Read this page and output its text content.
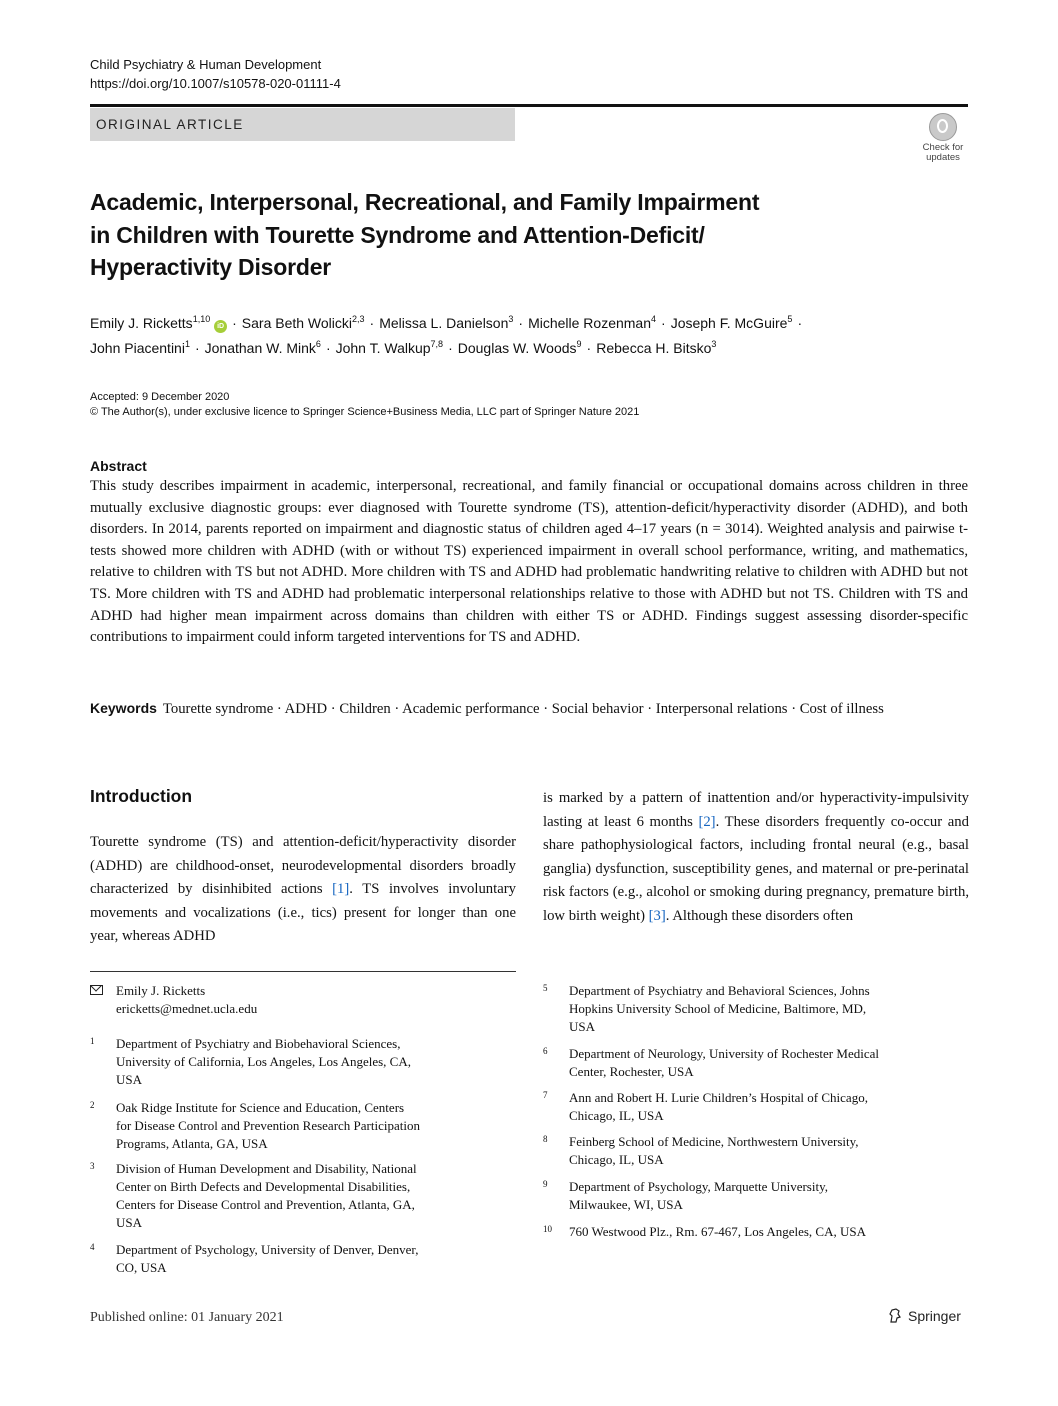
Child Psychiatry & Human Development
https://doi.org/10.1007/s10578-020-01111-4
ORIGINAL ARTICLE
Check for
updates
Academic, Interpersonal, Recreational, and Family Impairment
in Children with Tourette Syndrome and Attention-Deficit/
Hyperactivity Disorder
Emily J. Ricketts$^{1,10}$ iD · Sara Beth Wolicki$^{2,3}$ · Melissa L. Danielson$^3$ · Michelle Rozenman$^4$ · Joseph F. McGuire$^5$ ·
John Piacentini$^1$ · Jonathan W. Mink$^6$ · John T. Walkup$^{7,8}$ · Douglas W. Woods$^9$ · Rebecca H. Bitsko$^3$
Accepted: 9 December 2020
© The Author(s), under exclusive licence to Springer Science+Business Media, LLC part of Springer Nature 2021
Abstract
This study describes impairment in academic, interpersonal, recreational, and family financial or occupational domains across children in three mutually exclusive diagnostic groups: ever diagnosed with Tourette syndrome (TS), attention-deficit/hyperactivity disorder (ADHD), and both disorders. In 2014, parents reported on impairment and diagnostic status of children aged 4–17 years (n = 3014). Weighted analysis and pairwise t-tests showed more children with ADHD (with or without TS) experienced impairment in overall school performance, writing, and mathematics, relative to children with TS but not ADHD. More children with TS and ADHD had problematic handwriting relative to children with ADHD but not TS. More children with TS and ADHD had problematic interpersonal relationships relative to those with ADHD but not TS. Children with TS and ADHD had higher mean impairment across domains than children with either TS or ADHD. Findings suggest assessing disorder-specific contributions to impairment could inform targeted interventions for TS and ADHD.
Keywords Tourette syndrome · ADHD · Children · Academic performance · Social behavior · Interpersonal relations · Cost of illness
Introduction
Tourette syndrome (TS) and attention-deficit/hyperactivity disorder (ADHD) are childhood-onset, neurodevelopmental disorders broadly characterized by disinhibited actions [1]. TS involves involuntary movements and vocalizations (i.e., tics) present for longer than one year, whereas ADHD
is marked by a pattern of inattention and/or hyperactivity-impulsivity lasting at least 6 months [2]. These disorders frequently co-occur and share pathophysiological factors, including frontal neural (e.g., basal ganglia) dysfunction, susceptibility genes, and maternal or pre-perinatal risk factors (e.g., alcohol or smoking during pregnancy, premature birth, low birth weight) [3]. Although these disorders often
Emily J. Ricketts
ericketts@mednet.ucla.edu
1 Department of Psychiatry and Biobehavioral Sciences,
University of California, Los Angeles, Los Angeles, CA,
USA
2 Oak Ridge Institute for Science and Education, Centers
for Disease Control and Prevention Research Participation
Programs, Atlanta, GA, USA
3 Division of Human Development and Disability, National
Center on Birth Defects and Developmental Disabilities,
Centers for Disease Control and Prevention, Atlanta, GA,
USA
4 Department of Psychology, University of Denver, Denver,
CO, USA
5 Department of Psychiatry and Behavioral Sciences, Johns
Hopkins University School of Medicine, Baltimore, MD,
USA
6 Department of Neurology, University of Rochester Medical
Center, Rochester, USA
7 Ann and Robert H. Lurie Children’s Hospital of Chicago,
Chicago, IL, USA
8 Feinberg School of Medicine, Northwestern University,
Chicago, IL, USA
9 Department of Psychology, Marquette University,
Milwaukee, WI, USA
10 760 Westwood Plz., Rm. 67-467, Los Angeles, CA, USA
Published online: 01 January 2021	Springer
